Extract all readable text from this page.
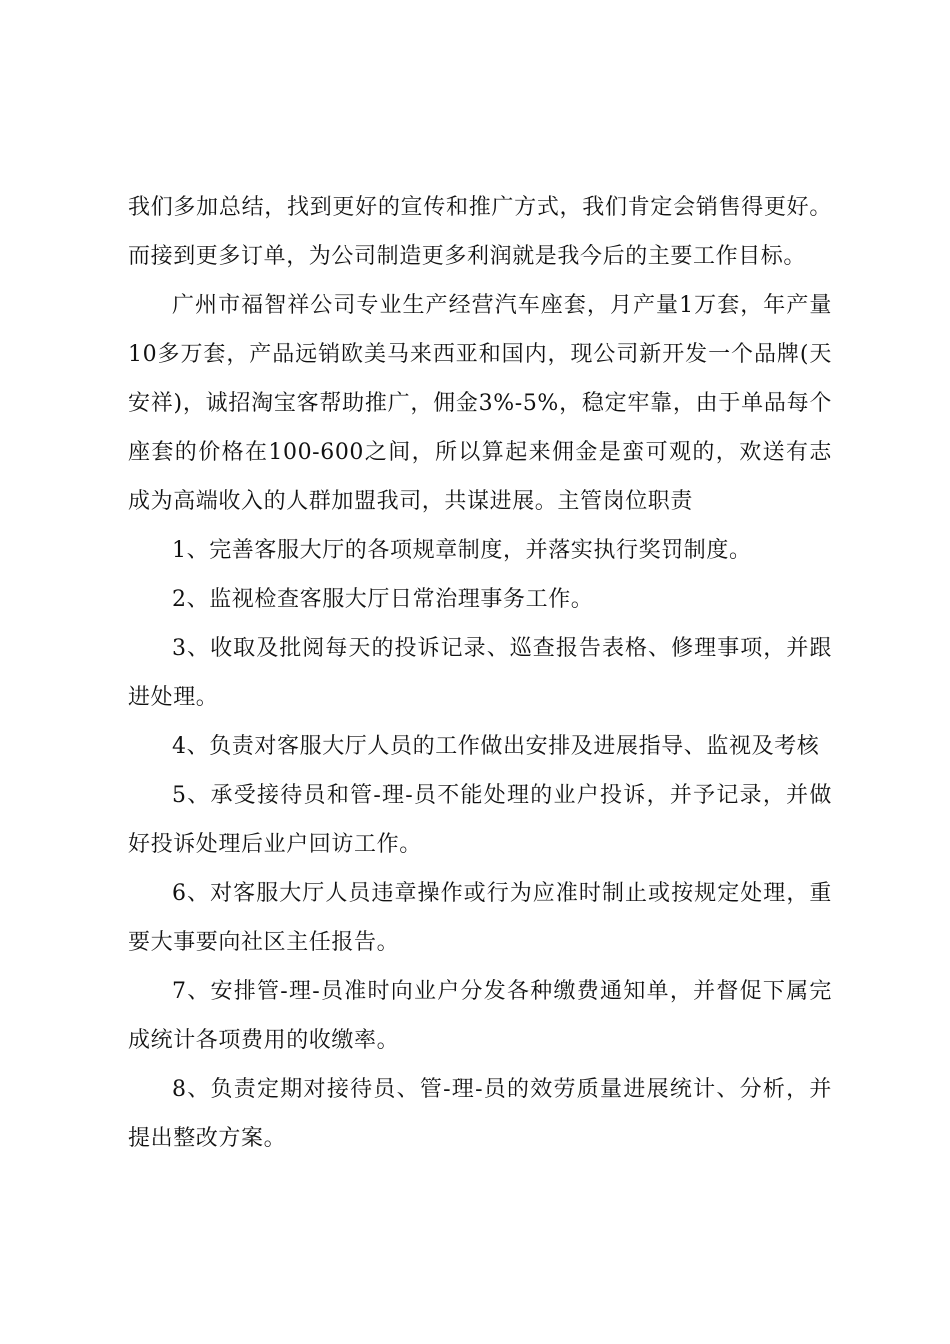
我们多加总结，找到更好的宣传和推广方式，我们肯定会销售得更好。而接到更多订单，为公司制造更多利润就是我今后的主要工作目标。

广州市福智祥公司专业生产经营汽车座套，月产量1万套，年产量10多万套，产品远销欧美马来西亚和国内，现公司新开发一个品牌(天安祥)，诚招淘宝客帮助推广，佣金3%-5%，稳定牢靠，由于单品每个座套的价格在100-600之间，所以算起来佣金是蛮可观的，欢送有志成为高端收入的人群加盟我司，共谋进展。主管岗位职责

1、完善客服大厅的各项规章制度，并落实执行奖罚制度。

2、监视检查客服大厅日常治理事务工作。

3、收取及批阅每天的投诉记录、巡查报告表格、修理事项，并跟进处理。

4、负责对客服大厅人员的工作做出安排及进展指导、监视及考核

5、承受接待员和管-理-员不能处理的业户投诉，并予记录，并做好投诉处理后业户回访工作。

6、对客服大厅人员违章操作或行为应准时制止或按规定处理，重要大事要向社区主任报告。

7、安排管-理-员准时向业户分发各种缴费通知单，并督促下属完成统计各项费用的收缴率。

8、负责定期对接待员、管-理-员的效劳质量进展统计、分析，并提出整改方案。
